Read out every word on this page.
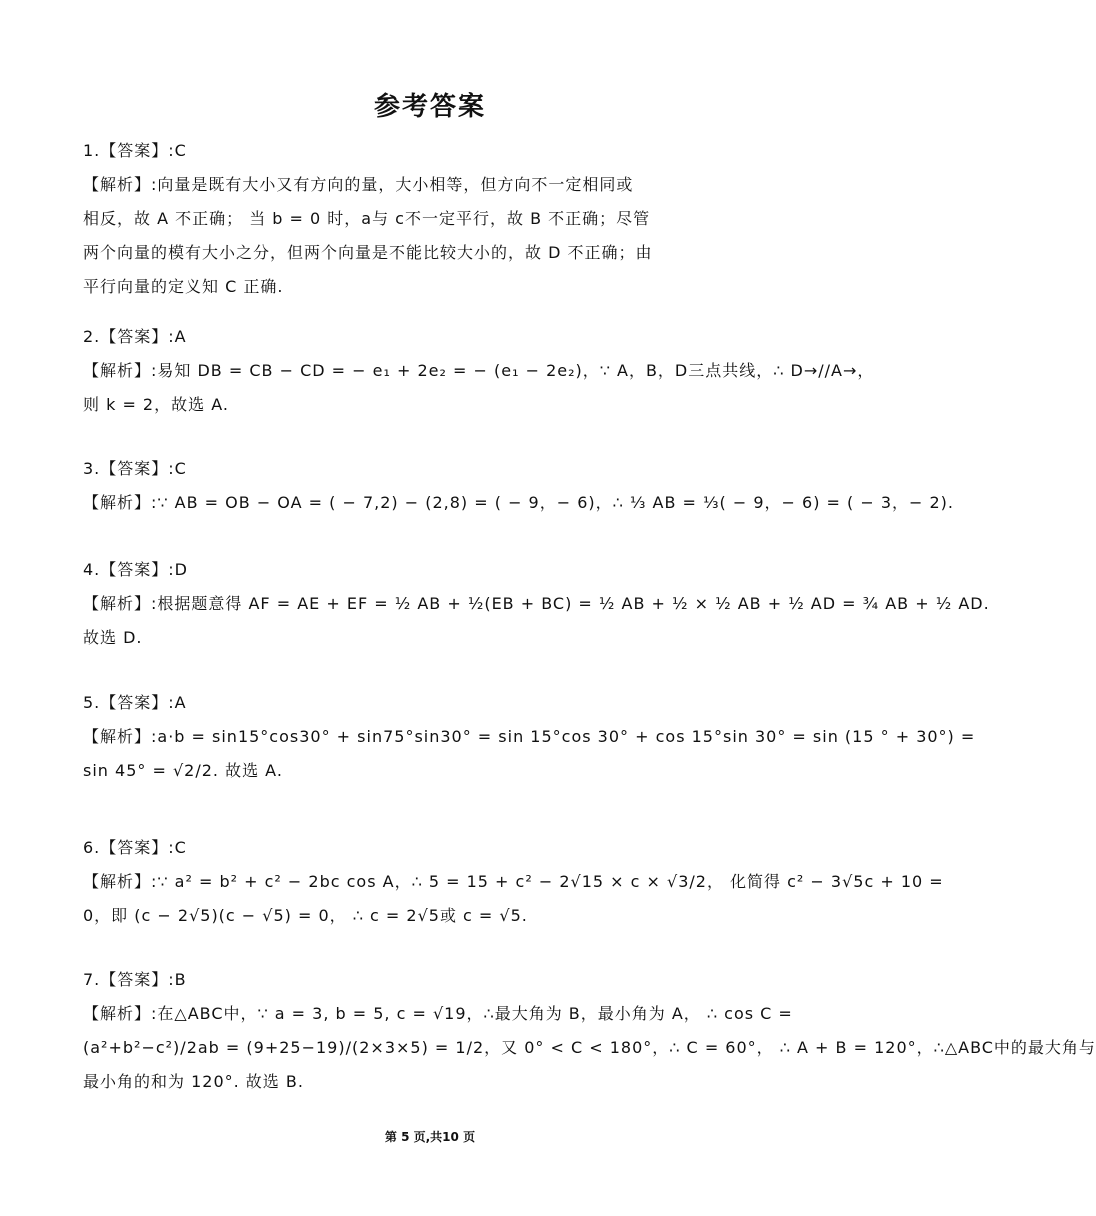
参考答案
1.【答案】:C
【解析】:向量是既有大小又有方向的量，大小相等，但方向不一定相同或
相反，故 A 不正确； 当 b = 0 时，a与 c不一定平行，故 B 不正确；尽管
两个向量的模有大小之分，但两个向量是不能比较大小的，故 D 不正确；由
平行向量的定义知 C 正确.
2.【答案】:A
【解析】:易知 DB = CB − CD = − e₁ + 2e₂ = − (e₁ − 2e₂)，∵ A，B，D三点共线，∴ D→//A→，
则 k = 2，故选 A.
3.【答案】:C
【解析】:∵ AB = OB − OA = ( − 7,2) − (2,8) = ( − 9，− 6)，∴ ⅓ AB = ⅓( − 9，− 6) = ( − 3，− 2).
4.【答案】:D
【解析】:根据题意得 AF = AE + EF = ½ AB + ½(EB + BC) = ½ AB + ½ × ½ AB + ½ AD = ¾ AB + ½ AD.
故选 D.
5.【答案】:A
【解析】:a·b = sin15°cos30° + sin75°sin30° = sin 15°cos 30° + cos 15°sin 30° = sin (15 ° + 30°) =
sin 45° = √2/2. 故选 A.
6.【答案】:C
【解析】:∵ a² = b² + c² − 2bc cos A，∴ 5 = 15 + c² − 2√15 × c × √3/2， 化简得 c² − 3√5c + 10 =
0，即 (c − 2√5)(c − √5) = 0， ∴ c = 2√5或 c = √5.
7.【答案】:B
【解析】:在△ABC中，∵ a = 3, b = 5, c = √19，∴最大角为 B，最小角为 A， ∴ cos C =
(a²+b²−c²)/2ab = (9+25−19)/(2×3×5) = 1/2，又 0° < C < 180°，∴ C = 60°， ∴ A + B = 120°，∴△ABC中的最大角与
最小角的和为 120°. 故选 B.
第 5 页,共10 页
